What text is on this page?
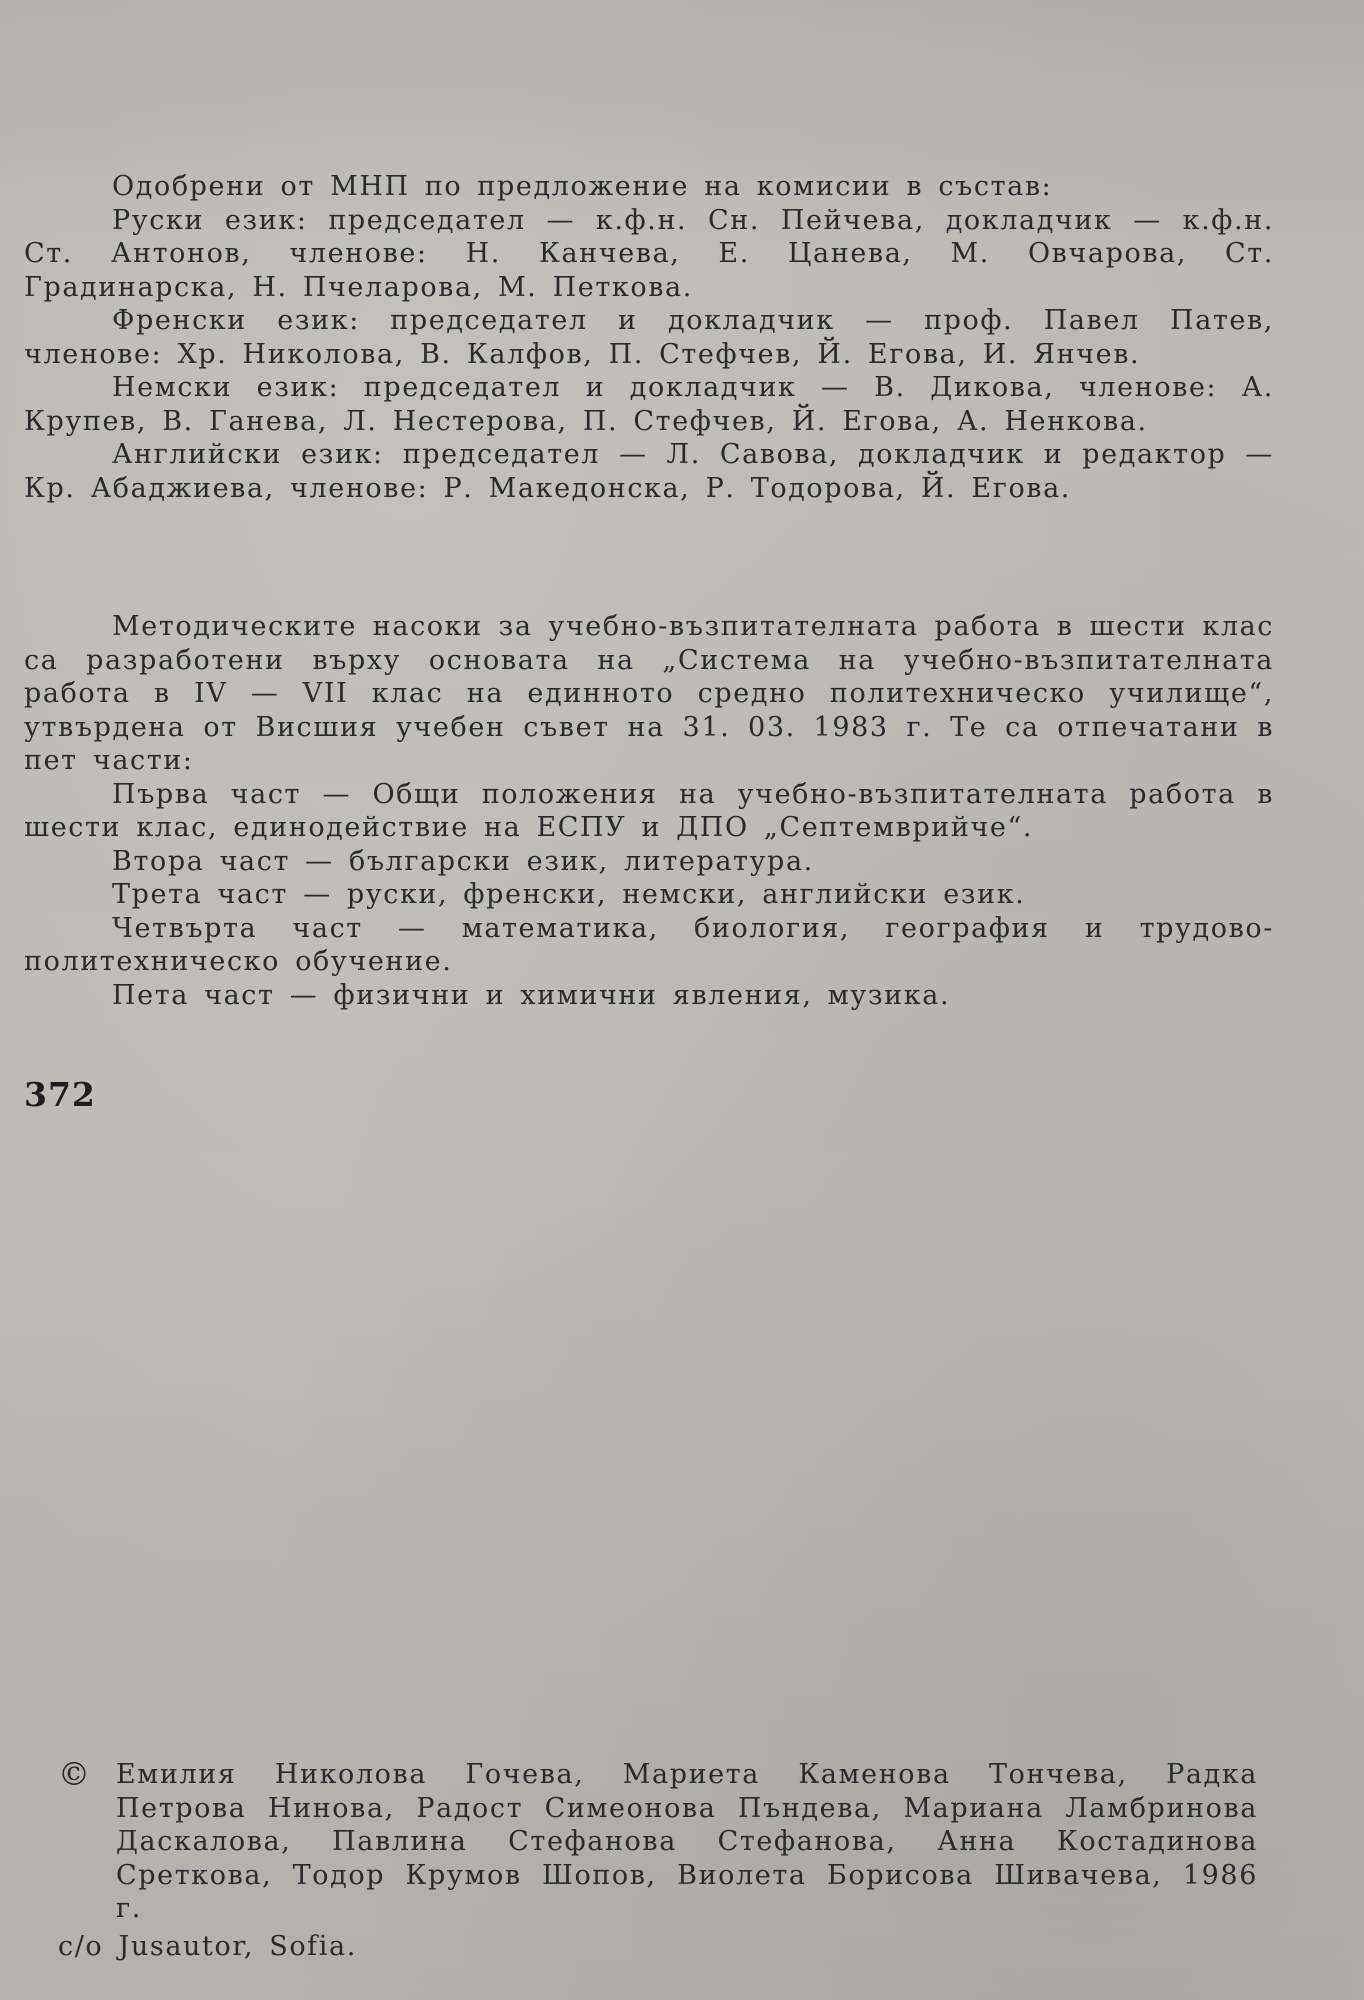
Одобрени от МНП по предложение на комисии в състав:

Руски език: председател — к.ф.н. Сн. Пейчева, докладчик — к.ф.н. Ст. Антонов, членове: Н. Канчева, Е. Цанева, М. Овчарова, Ст. Градинарска, Н. Пчеларова, М. Петкова.

Френски език: председател и докладчик — проф. Павел Патев, членове: Хр. Николова, В. Калфов, П. Стефчев, Й. Егова, И. Янчев.

Немски език: председател и докладчик — В. Дикова, членове: А. Крупев, В. Ганева, Л. Нестерова, П. Стефчев, Й. Егова, А. Ненкова.

Английски език: председател — Л. Савова, докладчик и редактор — Кр. Абаджиева, членове: Р. Македонска, Р. Тодорова, Й. Егова.

Методическите насоки за учебно-възпитателната работа в шести клас са разработени върху основата на „Система на учебно-възпитателната работа в IV — VII клас на единното средно политехническо училище“, утвърдена от Висшия учебен съвет на 31. 03. 1983 г. Те са отпечатани в пет части:

Първа част — Общи положения на учебно-възпитателната работа в шести клас, единодействие на ЕСПУ и ДПО „Септемврийче“.

Втора част — български език, литература.

Трета част — руски, френски, немски, английски език.

Четвърта част — математика, биология, география и трудово-политехническо обучение.

Пета част — физични и химични явления, музика.

372
© Емилия Николова Гочева, Мариета Каменова Тончева, Радка Петрова Нинова, Радост Симеонова Пъндева, Мариана Ламбринова Даскалова, Павлина Стефанова Стефанова, Анна Костадинова Среткова, Тодор Крумов Шопов, Виолета Борисова Шивачева, 1986 г.
c/o Jusautor, Sofia.
